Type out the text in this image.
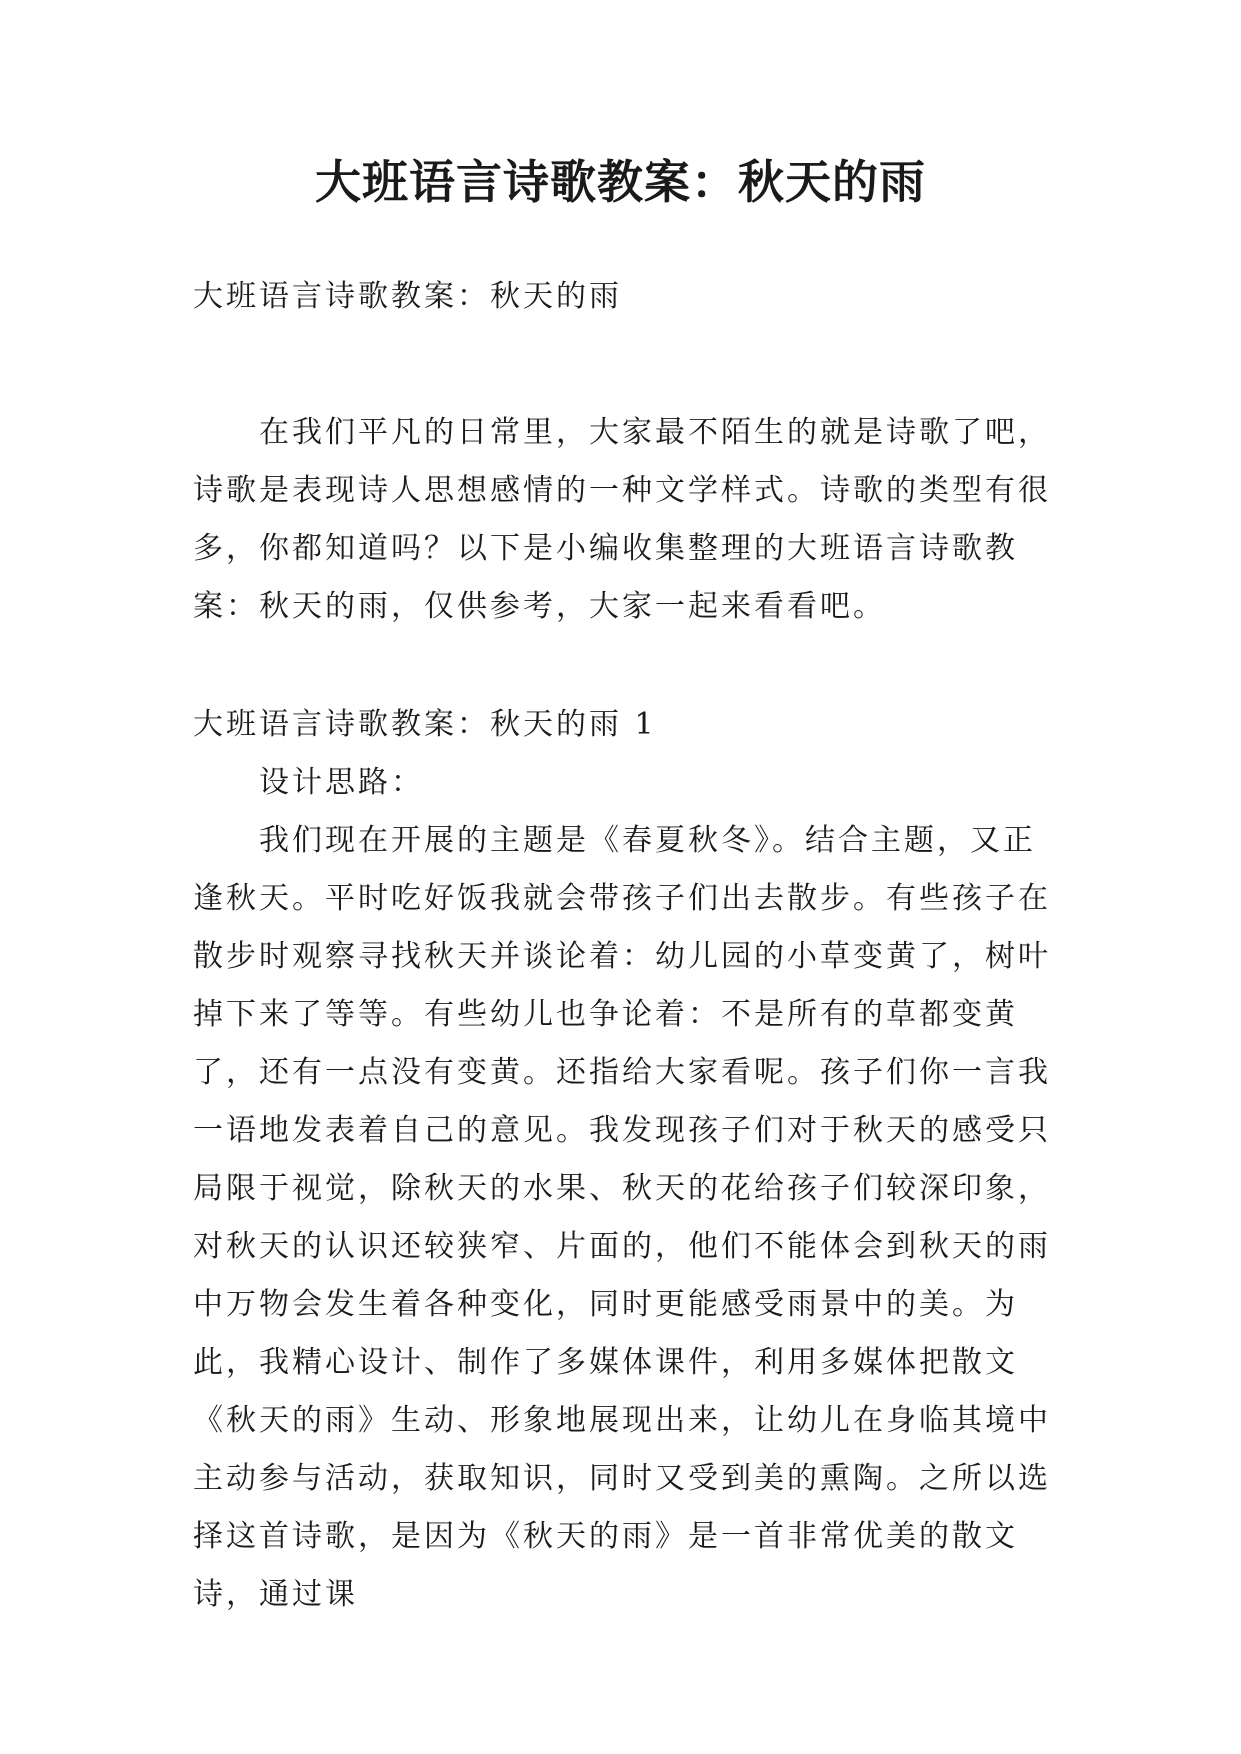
大班语言诗歌教案：秋天的雨

大班语言诗歌教案：秋天的雨

在我们平凡的日常里，大家最不陌生的就是诗歌了吧，诗歌是表现诗人思想感情的一种文学样式。诗歌的类型有很多，你都知道吗？以下是小编收集整理的大班语言诗歌教案：秋天的雨，仅供参考，大家一起来看看吧。

大班语言诗歌教案：秋天的雨 1

设计思路：

我们现在开展的主题是《春夏秋冬》。结合主题，又正逢秋天。平时吃好饭我就会带孩子们出去散步。有些孩子在散步时观察寻找秋天并谈论着：幼儿园的小草变黄了，树叶掉下来了等等。有些幼儿也争论着：不是所有的草都变黄了，还有一点没有变黄。还指给大家看呢。孩子们你一言我一语地发表着自己的意见。我发现孩子们对于秋天的感受只局限于视觉，除秋天的水果、秋天的花给孩子们较深印象，对秋天的认识还较狭窄、片面的，他们不能体会到秋天的雨中万物会发生着各种变化，同时更能感受雨景中的美。为此，我精心设计、制作了多媒体课件，利用多媒体把散文《秋天的雨》生动、形象地展现出来，让幼儿在身临其境中主动参与活动，获取知识，同时又受到美的熏陶。之所以选择这首诗歌，是因为《秋天的雨》是一首非常优美的散文诗，通过课
